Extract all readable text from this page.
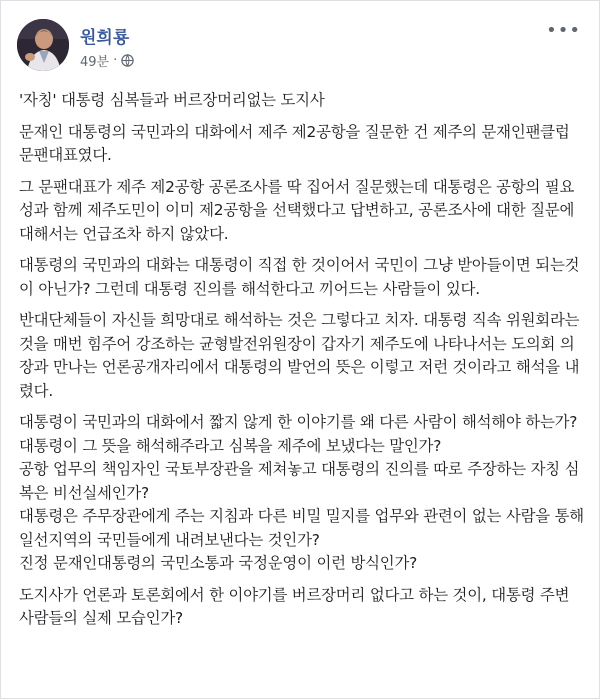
원희룡
49분 ·
•••

'자칭' 대통령 심복들과 버르장머리없는 도지사

문재인 대통령의 국민과의 대화에서 제주 제2공항을 질문한 건 제주의 문재인팬클럽 문팬대표였다.

그 문팬대표가 제주 제2공항 공론조사를 딱 집어서 질문했는데 대통령은 공항의 필요성과 함께 제주도민이 이미 제2공항을 선택했다고 답변하고, 공론조사에 대한 질문에 대해서는 언급조차 하지 않았다.

대통령의 국민과의 대화는 대통령이 직접 한 것이어서 국민이 그냥 받아들이면 되는것이 아닌가? 그런데 대통령 진의를 해석한다고 끼어드는 사람들이 있다.

반대단체들이 자신들 희망대로 해석하는 것은 그렇다고 치자. 대통령 직속 위원회라는 것을 매번 힘주어 강조하는 균형발전위원장이 갑자기 제주도에 나타나서는 도의회 의장과 만나는 언론공개자리에서 대통령의 발언의 뜻은 이렇고 저런 것이라고 해석을 내렸다.

대통령이 국민과의 대화에서 짧지 않게 한 이야기를 왜 다른 사람이 해석해야 하는가?
대통령이 그 뜻을 해석해주라고 심복을 제주에 보냈다는 말인가?
공항 업무의 책임자인 국토부장관을 제쳐놓고 대통령의 진의를 따로 주장하는 자칭 심복은 비선실세인가?
대통령은 주무장관에게 주는 지침과 다른 비밀 밀지를 업무와 관련이 없는 사람을 통해 일선지역의 국민들에게 내려보낸다는 것인가?
진정 문재인대통령의 국민소통과 국정운영이 이런 방식인가?

도지사가 언론과 토론회에서 한 이야기를 버르장머리 없다고 하는 것이, 대통령 주변 사람들의 실제 모습인가?
